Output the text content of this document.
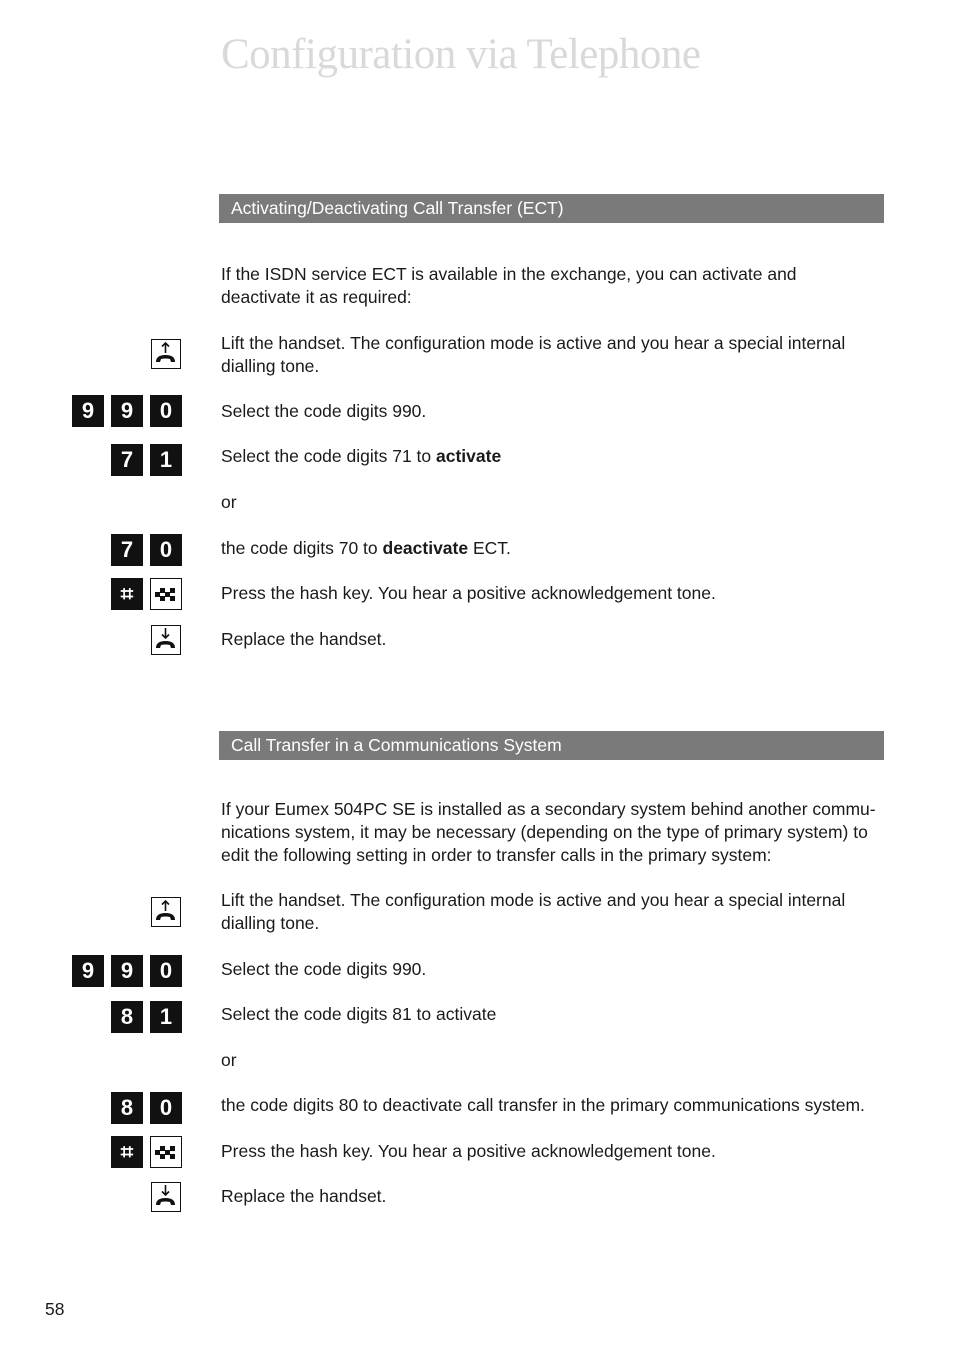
Configuration via Telephone
Activating/Deactivating Call Transfer (ECT)
If the ISDN service ECT is available in the exchange, you can activate and deactivate it as required:
Lift the handset. The configuration mode is active and you hear a special internal dialling tone.
9	9	0	Select the code digits 990.
7	1	Select the code digits 71 to activate
or
7	0	the code digits 70 to deactivate ECT.
⌗	Press the hash key. You hear a positive acknowledgement tone.
Replace the handset.
Call Transfer in a Communications System
If your Eumex 504PC SE is installed as a secondary system behind another commu-nications system, it may be necessary (depending on the type of primary system) to edit the following setting in order to transfer calls in the primary system:
Lift the handset. The configuration mode is active and you hear a special internal dialling tone.
9	9	0	Select the code digits 990.
8	1	Select the code digits 81 to activate
or
8	0	the code digits 80 to deactivate call transfer in the primary communications system.
⌗	Press the hash key. You hear a positive acknowledgement tone.
Replace the handset.
58
